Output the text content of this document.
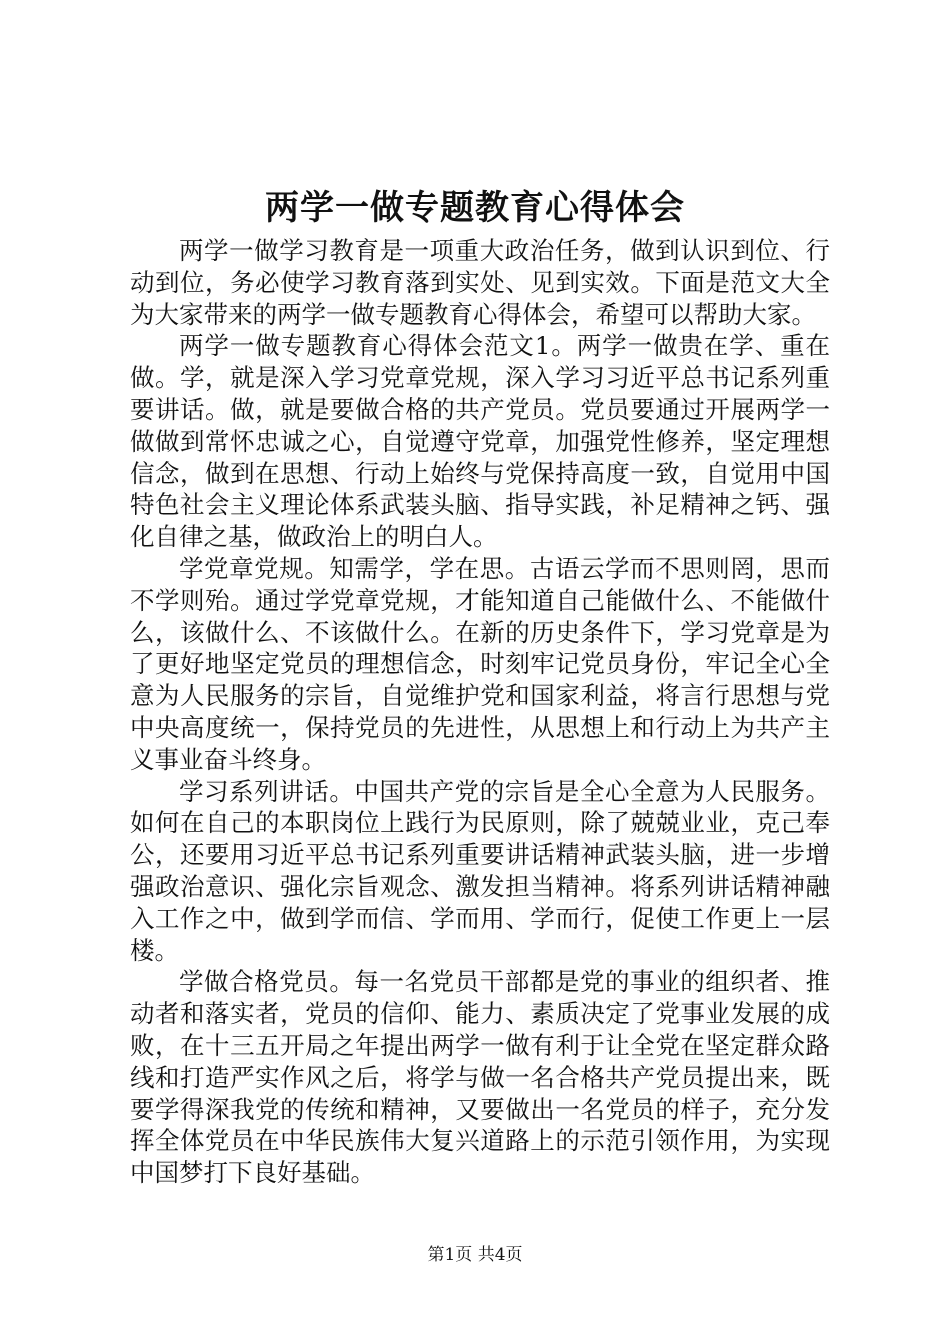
两学一做专题教育心得体会

两学一做学习教育是一项重大政治任务，做到认识到位、行动到位，务必使学习教育落到实处、见到实效。下面是范文大全为大家带来的两学一做专题教育心得体会，希望可以帮助大家。

两学一做专题教育心得体会范文1。两学一做贵在学、重在做。学，就是深入学习党章党规，深入学习习近平总书记系列重要讲话。做，就是要做合格的共产党员。党员要通过开展两学一做做到常怀忠诚之心，自觉遵守党章，加强党性修养，坚定理想信念，做到在思想、行动上始终与党保持高度一致，自觉用中国特色社会主义理论体系武装头脑、指导实践，补足精神之钙、强化自律之基，做政治上的明白人。

学党章党规。知需学，学在思。古语云学而不思则罔，思而不学则殆。通过学党章党规，才能知道自己能做什么、不能做什么，该做什么、不该做什么。在新的历史条件下，学习党章是为了更好地坚定党员的理想信念，时刻牢记党员身份，牢记全心全意为人民服务的宗旨，自觉维护党和国家利益，将言行思想与党中央高度统一，保持党员的先进性，从思想上和行动上为共产主义事业奋斗终身。

学习系列讲话。中国共产党的宗旨是全心全意为人民服务。如何在自己的本职岗位上践行为民原则，除了兢兢业业，克己奉公，还要用习近平总书记系列重要讲话精神武装头脑，进一步增强政治意识、强化宗旨观念、激发担当精神。将系列讲话精神融入工作之中，做到学而信、学而用、学而行，促使工作更上一层楼。

学做合格党员。每一名党员干部都是党的事业的组织者、推动者和落实者，党员的信仰、能力、素质决定了党事业发展的成败，在十三五开局之年提出两学一做有利于让全党在坚定群众路线和打造严实作风之后，将学与做一名合格共产党员提出来，既要学得深我党的传统和精神，又要做出一名党员的样子，充分发挥全体党员在中华民族伟大复兴道路上的示范引领作用，为实现中国梦打下良好基础。

第1页 共4页
